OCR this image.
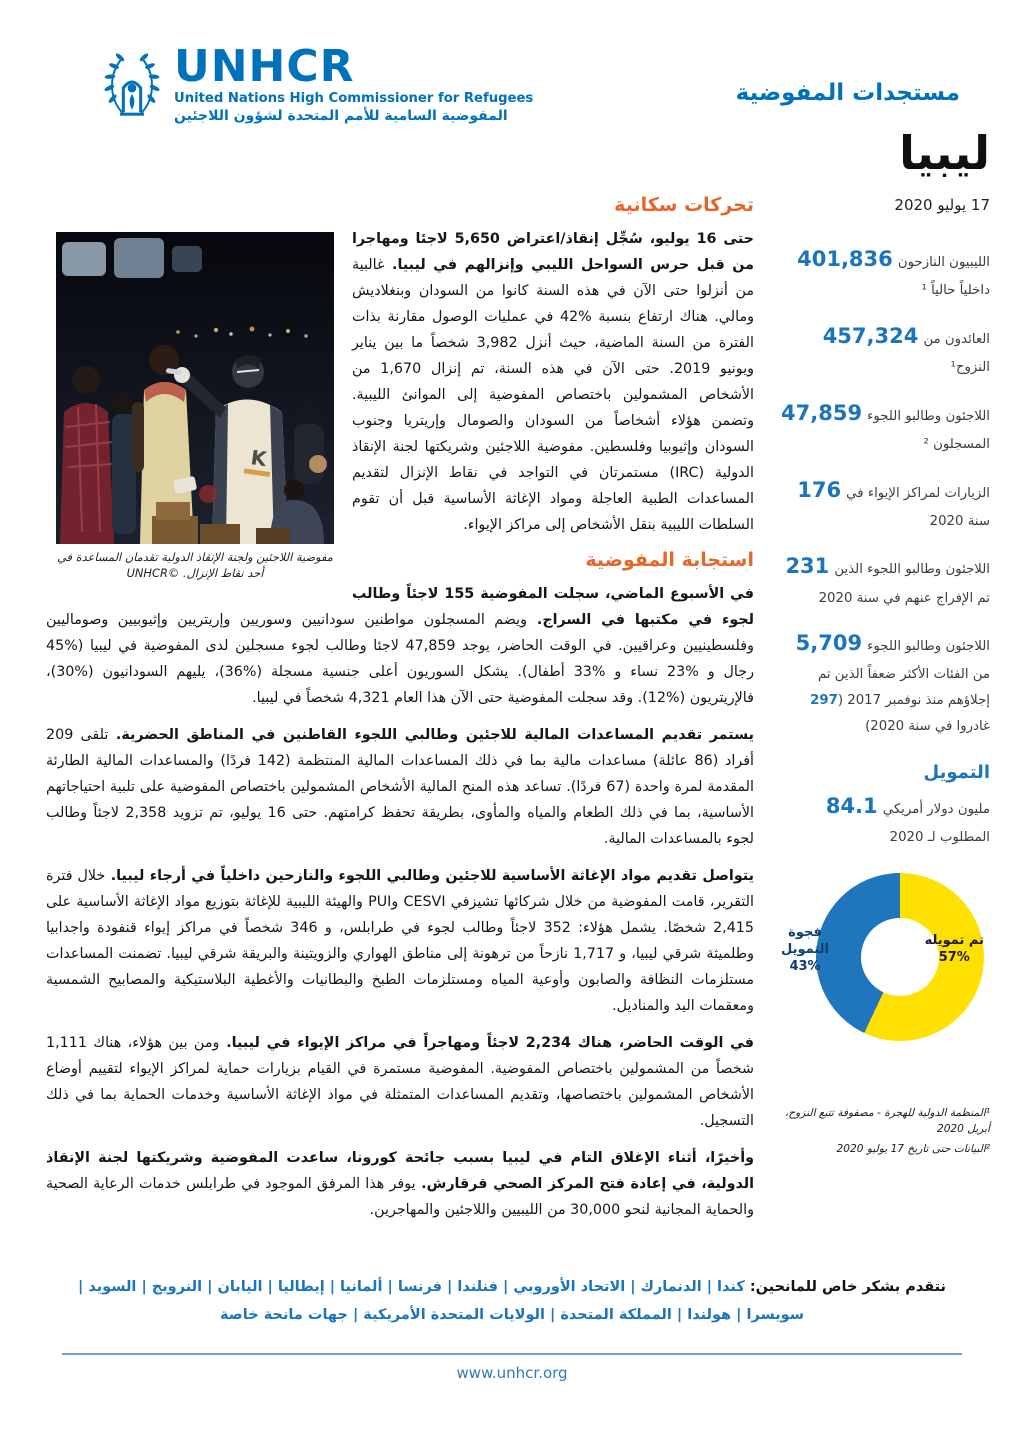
UNHCR
United Nations High Commissioner for Refugees
المفوضية السامية للأمم المتحدة لشؤون اللاجئين
مستجدات المفوضية
تحركات سكانية
K
مفوضية اللاجئين ولجنة الإنقاذ الدولية تقدمان المساعدة في أحد نقاط الإنزال. ©UNHCR

حتى 16 يوليو، سُجِّل إنقاذ/اعتراض 5,650 لاجئا ومهاجرا من قبل حرس السواحل الليبي وإنزالهم في ليبيا.غالبية من أنزلوا حتى الآن في هذه السنة كانوا من السودان وبنغلاديش ومالي. هناك ارتفاع بنسبة %42 في عمليات الوصول مقارنة بذات الفترة من السنة الماضية، حيث أنزل 3,982 شخصاً ما بين يناير ويونيو 2019. حتى الآن في هذه السنة، تم إنزال 1,670 من الأشخاص المشمولين باختصاص المفوضية إلى الموانئ الليبية. وتضمن هؤلاء أشخاصاً من السودان والصومال وإريتريا وجنوب السودان وإثيوبيا وفلسطين. مفوضية اللاجئين وشريكتها لجنة الإنقاذ الدولية (IRC) مستمرتان في التواجد في نقاط الإنزال لتقديم المساعدات الطبية العاجلة ومواد الإغاثة الأساسية قبل أن تقوم السلطات الليبية بنقل الأشخاص إلى مراكز الإيواء.

استجابة المفوضية

في الأسبوع الماضي، سجلت المفوضية 155 لاجئاً وطالب لجوء في مكتبها في السراج.ويضم المسجلون مواطنين سودانيين وسوريين وإريتريين وإثيوبيين وصوماليين وفلسطينيين وعراقيين. في الوقت الحاضر، يوجد 47,859 لاجئا وطالب لجوء مسجلين لدى المفوضية في ليبيا (%45 رجال و %23 نساء و %33 أطفال). يشكل السوريون أعلى جنسية مسجلة (%36)، يليهم السودانيون (%30)، فالإريتريون (%12). وقد سجلت المفوضية حتى الآن هذا العام 4,321 شخصاً في ليبيا.

يستمر تقديم المساعدات المالية للاجئين وطالبي اللجوء القاطنين في المناطق الحضرية.تلقى 209 أفراد (86 عائلة) مساعدات مالية بما في ذلك المساعدات المالية المنتظمة (142 فردًا) والمساعدات المالية الطارئة المقدمة لمرة واحدة (67 فردًا). تساعد هذه المنح المالية الأشخاص المشمولين باختصاص المفوضية على تلبية احتياجاتهم الأساسية، بما في ذلك الطعام والمياه والمأوى، بطريقة تحفظ كرامتهم. حتى 16 يوليو، تم تزويد 2,358 لاجئاً وطالب لجوء بالمساعدات المالية.

يتواصل تقديم مواد الإغاثة الأساسية للاجئين وطالبي اللجوء والنازحين داخلياً في أرجاء ليبيا.خلال فترة التقرير، قامت المفوضية من خلال شركائها تشيزفي CESVI وPUI والهيئة الليبية للإغاثة بتوزيع مواد الإغاثة الأساسية على 2,415 شخصًا. يشمل هؤلاء: 352 لاجئاً وطالب لجوء في طرابلس، و 346 شخصاً في مراكز إيواء قنفودة واجدابيا وطلميثة شرقي ليبيا، و 1,717 نازحاً من ترهونة إلى مناطق الهواري والزويتينة والبريقة شرقي ليبيا. تضمنت المساعدات مستلزمات النظافة والصابون وأوعية المياه ومستلزمات الطبخ والبطانيات والأغطية البلاستيكية والمصابيح الشمسية ومعقمات اليد والمناديل.

في الوقت الحاضر، هناك 2,234 لاجئاً ومهاجراً في مراكز الإيواء في ليبيا.ومن بين هؤلاء، هناك 1,111 شخصاً من المشمولين باختصاص المفوضية. المفوضية مستمرة في القيام بزيارات حماية لمراكز الإيواء لتقييم أوضاع الأشخاص المشمولين باختصاصها، وتقديم المساعدات المتمثلة في مواد الإغاثة الأساسية وخدمات الحماية بما في ذلك التسجيل.

وأخيرًا، أثناء الإغلاق التام في ليبيا بسبب جائحة كورونا، ساعدت المفوضية وشريكتها لجنة الإنقاذ الدولية، في إعادة فتح المركز الصحي قرقارش.يوفر هذا المرفق الموجود في طرابلس خدمات الرعاية الصحية والحماية المجانية لنحو 30,000 من الليبيين واللاجئين والمهاجرين.

ليبيا
17 يوليو 2020
401,836 الليبيون النازحون داخلياً حالياً ¹
457,324 العائدون من النزوح¹
47,859 اللاجئون وطالبو اللجوء المسجلون ²
176 الزيارات لمراكز الإيواء في سنة 2020
231 اللاجئون وطالبو اللجوء الذين تم الإفراج عنهم في سنة 2020
5,709 اللاجئون وطالبو اللجوء من الفئات الأكثر ضعفاً الذين تم إجلاؤهم منذ نوفمبر 2017 (297 غادروا في سنة 2020)
التمويل
84.1 مليون دولار أمريكي المطلوب لـ 2020
تم تمويله
57%
فجوة التمويل
43%
¹المنظمة الدولية للهجرة - مصفوفة تتبع النزوح، أبريل 2020
²البيانات حتى تاريخ 17 يوليو 2020
نتقدم بشكر خاص للمانحين: كندا | الدنمارك | الاتحاد الأوروبي | فنلندا | فرنسا | ألمانيا | إيطاليا | اليابان | النرويج | السويد | سويسرا | هولندا | المملكة المتحدة | الولايات المتحدة الأمريكية | جهات مانحة خاصة
www.unhcr.org
